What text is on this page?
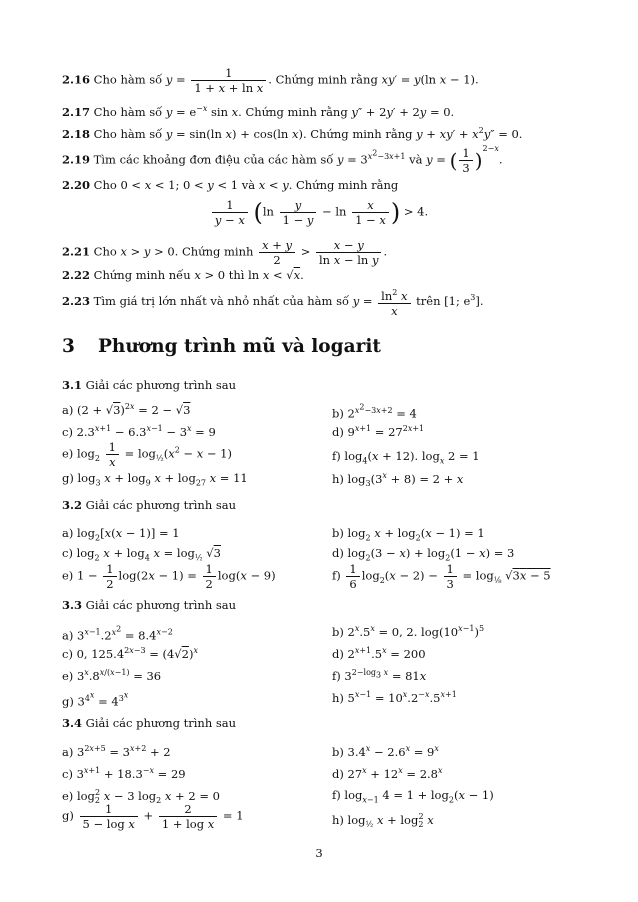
2.16 Cho hàm số $y = \frac{1}{\text{1 + x + ln x}}$ . Chứng minh rằng xy′ = y(ln x − 1).
2.17 Cho hàm số $y = e^{-x}$ sin x. Chứng minh rằng y″ + 2y′ + 2y = 0.
2.18 Cho hàm số y = sin(ln x) + cos(ln x). Chứng minh rằng $y + xy' + x^2y'' = 0$.
2.19 Tìm các khoảng đơn điệu của các hàm số $y = 3^{x^2-3x+1}$ và y = ( $\frac{1}{3} )^{2-x}$.
2.20 Cho 0 < x < 1; 0 < y < 1 và x < y. Chứng minh rằng
$\frac{1}{y - x} (\ln \frac{y}{1 - y} - \ln \frac{x}{1 - x}$ ) > 4.
2.21 Cho x > y > 0. Chứng minh $\frac{x + y}{2} > \frac{x - y}{\text{ln x − ln y}}$ .
2.22 Chứng minh nếu x > 0 thì ln x < √x.
2.23 Tìm giá trị lớn nhất và nhỏ nhất của hàm số $y = \frac{\ln^2 x}{x}$ trên [1; $e^3$].
3 Phương trình mũ và logarit
3.1 Giải các phương trình sau
a) $(2 + √3)^{2x} = 2 - √3$	b) $2^{x^2-3x+2} = 4$
c) $2.3^{x+1} - 6.3^{x-1} - 3^x = 9$	d) $9^{x+1} = 27^{2x+1}$
e) $\log_2 \frac{1}{x} = \log_{\frac{1}{2}}(x^2 - x - 1)$	f) $\log_4(x + 12)$. $\log_x 2 = 1$
g) $\log_3 x + \log_9 x + \log_{27} x = 11$	h) $\log_3(3^x + 8) = 2 + x$
3.2 Giải các phương trình sau
a) $\log_2[x(x - 1)] = 1$	b) $\log_2 x + \log_2(x - 1) = 1$
c) $\log_2 x + \log_4 x = \log_{\frac{1}{2}} √3$	d) $\log_2(3 - x) + \log_2(1 - x) = 3$
e) $1 - \frac{1}{2} \log(2x - 1) = \frac{1}{2} \log(x - 9)$	$f) \frac{1}{6} \log_2(x - 2) - \frac{1}{3} = \log_{\frac{1}{8}} √3x - 5$
3.3 Giải các phương trình sau
a) $3^{x-1}.2^{x^2} = 8.4^{x-2}$	b) $2^x.5^x = 0$, 2. $\log(10^{x-1})^5$
c) 0, $125.4^{2x-3} = (4√2)^x$	d) $2^{x+1}.5^x = 200$
e) $3^x.8^{x/(x-1)} = 36$	f) $3^{2-log_3 x} = 81x$
g) $3^{4^x} = 4^{3^x}$	h) $5^{x-1} = 10^x.2^{-x}.5^{x+1}$
3.4 Giải các phương trình sau
a) $3^{2x+5} = 3^{x+2} + 2$	b) $3.4^x - 2.6^x = 9^x$
c) $3^{x+1} + 18.3^{-x} = 29$	d) $27^x + 12^x = 2.8^x$
e) $\log_2^2 x - 3$ $\log_2 x + 2 = 0$	f) $\log_{x-1} 4 = 1 + \log_2(x - 1)$
$g) \frac{1}{\text{5 − log x}} + \frac{2}{\text{1 + log x}} = 1$	h) $\log_{\frac{1}{2}} x + \log_2^2 x$
3
